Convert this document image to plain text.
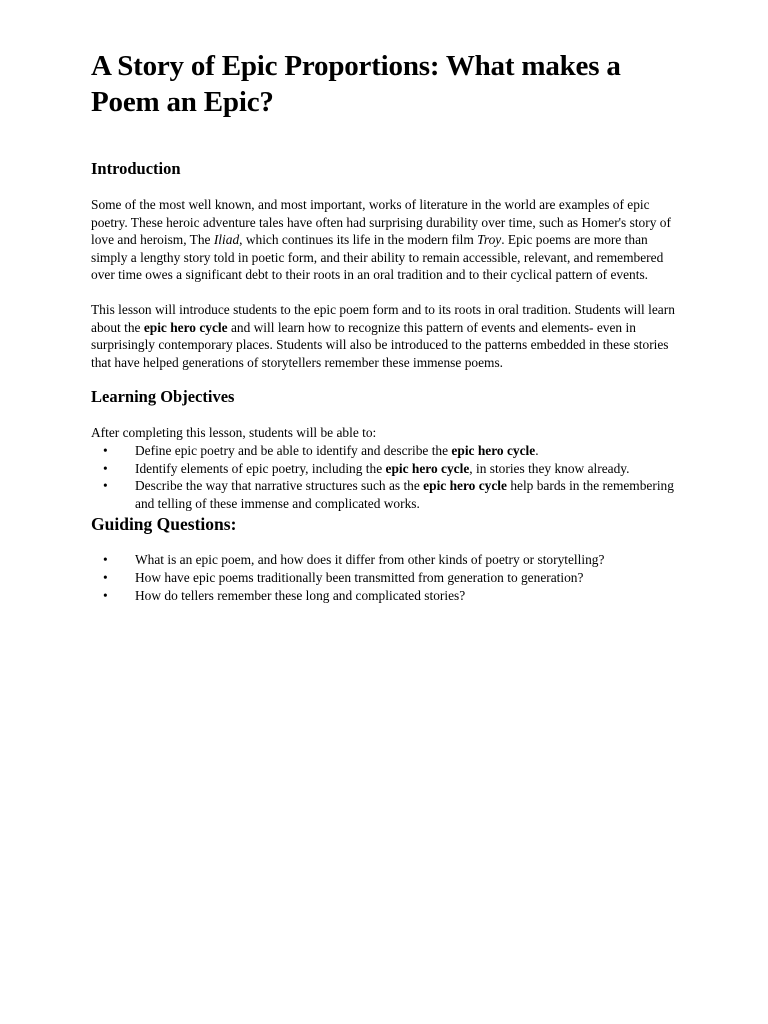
A Story of Epic Proportions: What makes a Poem an Epic?
Introduction

Some of the most well known, and most important, works of literature in the world are examples of epic poetry. These heroic adventure tales have often had surprising durability over time, such as Homer's story of love and heroism, The Iliad, which continues its life in the modern film Troy. Epic poems are more than simply a lengthy story told in poetic form, and their ability to remain accessible, relevant, and remembered over time owes a significant debt to their roots in an oral tradition and to their cyclical pattern of events.

This lesson will introduce students to the epic poem form and to its roots in oral tradition. Students will learn about the epic hero cycle and will learn how to recognize this pattern of events and elements- even in surprisingly contemporary places. Students will also be introduced to the patterns embedded in these stories that have helped generations of storytellers remember these immense poems.

Learning Objectives

After completing this lesson, students will be able to:

• Define epic poetry and be able to identify and describe the epic hero cycle.
• Identify elements of epic poetry, including the epic hero cycle, in stories they know already.
• Describe the way that narrative structures such as the epic hero cycle help bards in the remembering and telling of these immense and complicated works.
Guiding Questions:
• What is an epic poem, and how does it differ from other kinds of poetry or storytelling?
• How have epic poems traditionally been transmitted from generation to generation?
• How do tellers remember these long and complicated stories?
